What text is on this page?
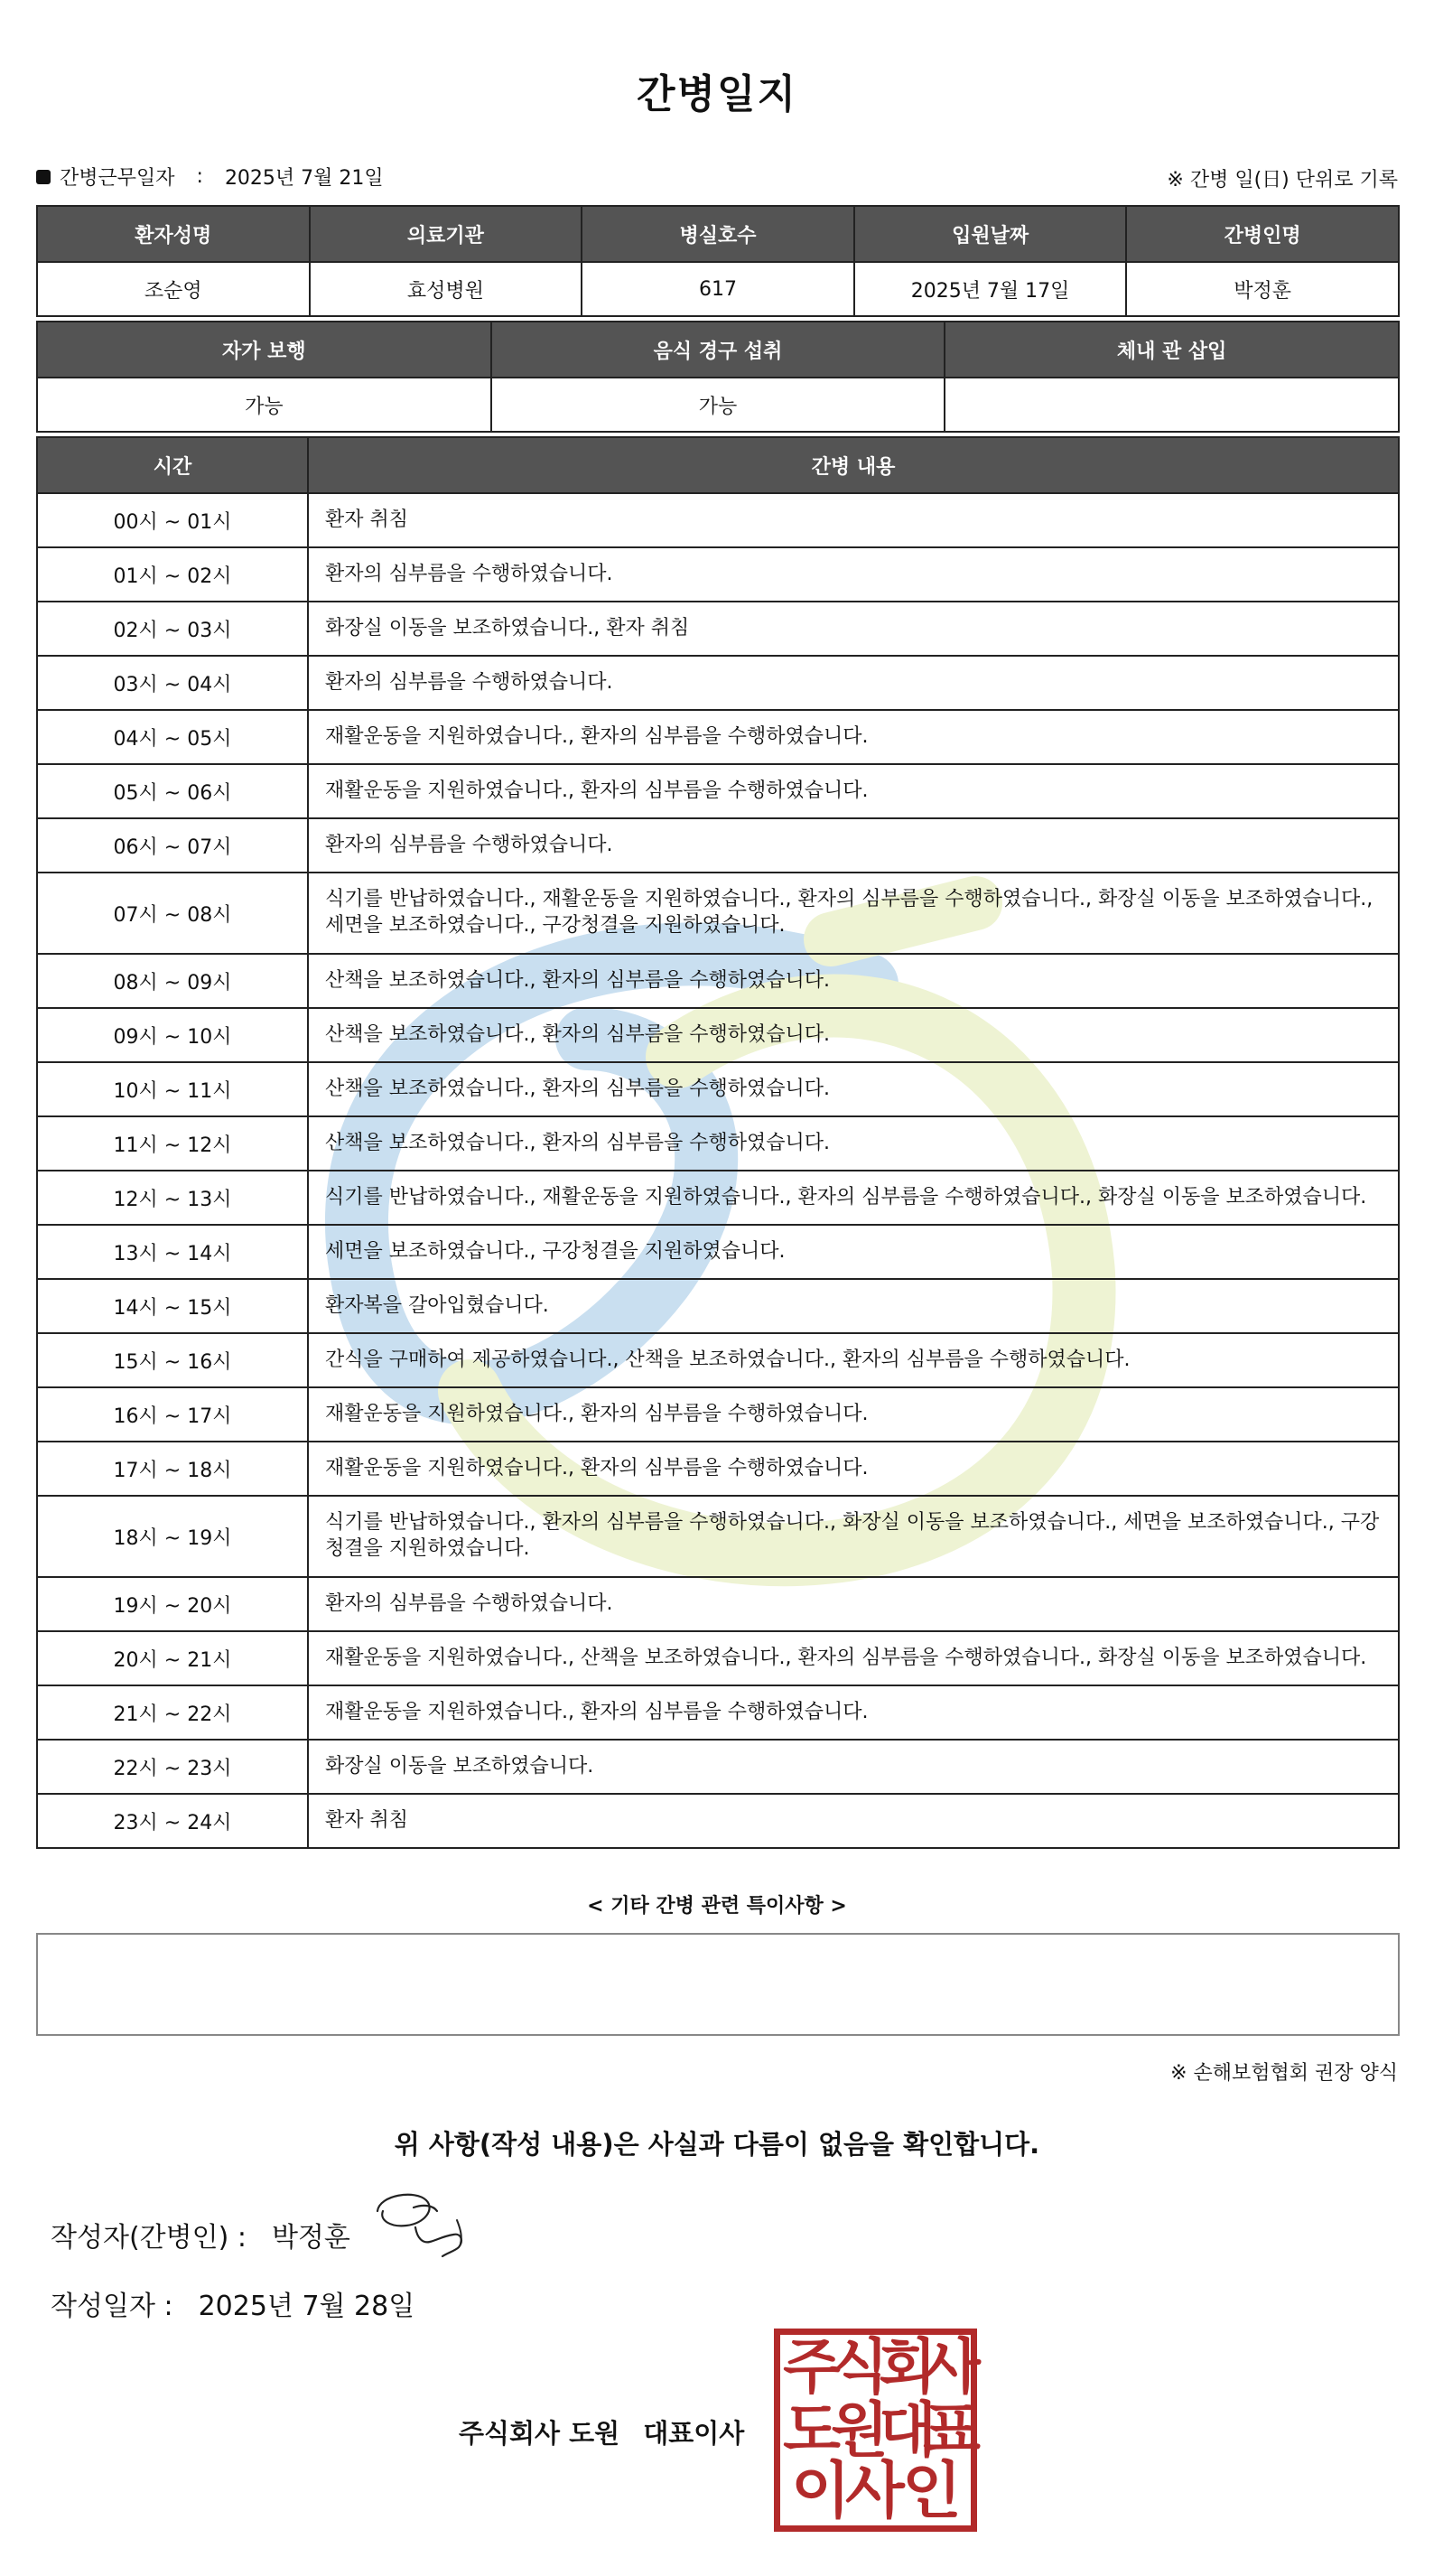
간병일지
간병근무일자 : 2025년 7월 21일	※ 간병 일(日) 단위로 기록
환자성명	의료기관	병실호수	입원날짜	간병인명
조순영	효성병원	617	2025년 7월 17일	박정훈
자가 보행	음식 경구 섭취	체내 관 삽입
가능	가능	
시간	간병 내용
00시 ~ 01시	환자 취침
01시 ~ 02시	환자의 심부름을 수행하였습니다.
02시 ~ 03시	화장실 이동을 보조하였습니다., 환자 취침
03시 ~ 04시	환자의 심부름을 수행하였습니다.
04시 ~ 05시	재활운동을 지원하였습니다., 환자의 심부름을 수행하였습니다.
05시 ~ 06시	재활운동을 지원하였습니다., 환자의 심부름을 수행하였습니다.
06시 ~ 07시	환자의 심부름을 수행하였습니다.
07시 ~ 08시	식기를 반납하였습니다., 재활운동을 지원하였습니다., 환자의 심부름을 수행하였습니다., 화장실 이동을 보조하였습니다., 세면을 보조하였습니다., 구강청결을 지원하였습니다.
08시 ~ 09시	산책을 보조하였습니다., 환자의 심부름을 수행하였습니다.
09시 ~ 10시	산책을 보조하였습니다., 환자의 심부름을 수행하였습니다.
10시 ~ 11시	산책을 보조하였습니다., 환자의 심부름을 수행하였습니다.
11시 ~ 12시	산책을 보조하였습니다., 환자의 심부름을 수행하였습니다.
12시 ~ 13시	식기를 반납하였습니다., 재활운동을 지원하였습니다., 환자의 심부름을 수행하였습니다., 화장실 이동을 보조하였습니다.
13시 ~ 14시	세면을 보조하였습니다., 구강청결을 지원하였습니다.
14시 ~ 15시	환자복을 갈아입혔습니다.
15시 ~ 16시	간식을 구매하여 제공하였습니다., 산책을 보조하였습니다., 환자의 심부름을 수행하였습니다.
16시 ~ 17시	재활운동을 지원하였습니다., 환자의 심부름을 수행하였습니다.
17시 ~ 18시	재활운동을 지원하였습니다., 환자의 심부름을 수행하였습니다.
18시 ~ 19시	식기를 반납하였습니다., 환자의 심부름을 수행하였습니다., 화장실 이동을 보조하였습니다., 세면을 보조하였습니다., 구강청결을 지원하였습니다.
19시 ~ 20시	환자의 심부름을 수행하였습니다.
20시 ~ 21시	재활운동을 지원하였습니다., 산책을 보조하였습니다., 환자의 심부름을 수행하였습니다., 화장실 이동을 보조하였습니다.
21시 ~ 22시	재활운동을 지원하였습니다., 환자의 심부름을 수행하였습니다.
22시 ~ 23시	화장실 이동을 보조하였습니다.
23시 ~ 24시	환자 취침
< 기타 간병 관련 특이사항 >
※ 손해보험협회 권장 양식
위 사항(작성 내용)은 사실과 다름이 없음을 확인합니다.
작성자(간병인) : 박정훈
작성일자 : 2025년 7월 28일
주식회사 도원 대표이사
주
식
회
사
도
원
대
표
이
사
인
